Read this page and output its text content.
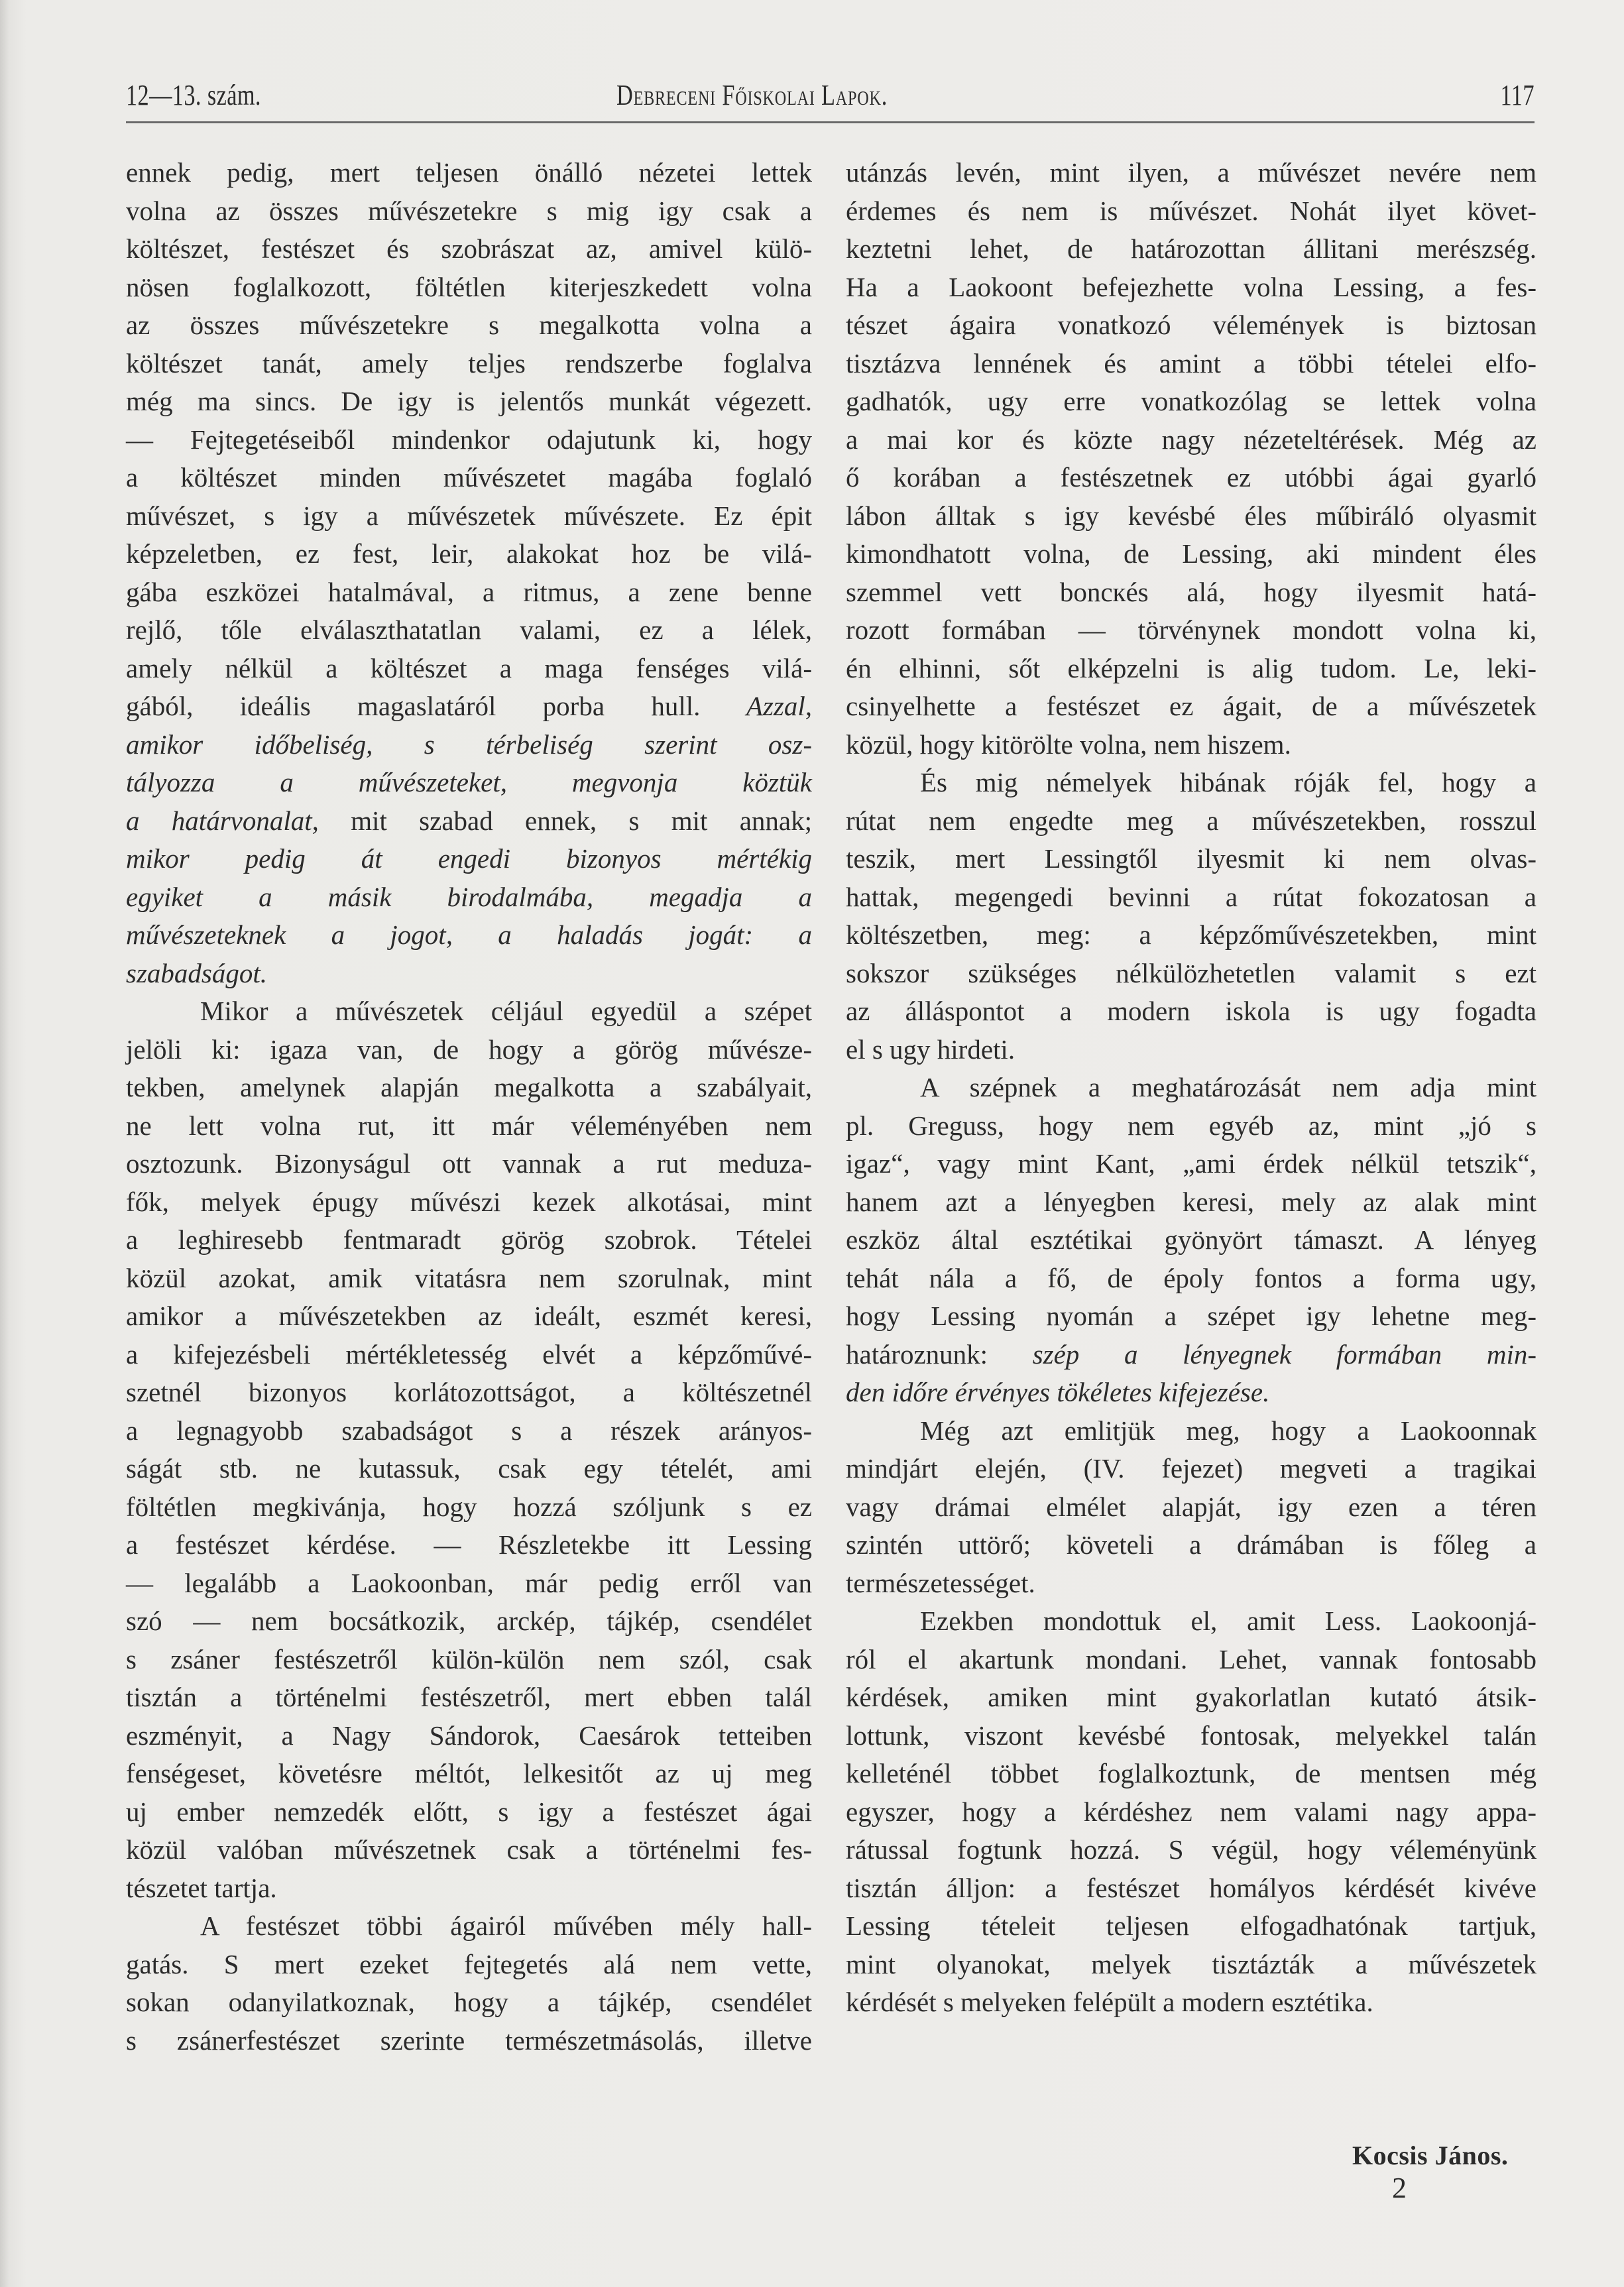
12—13. szám.	Debreceni Főiskolai Lapok.	117
ennek pedig, mert teljesen önálló nézetei lettek
volna az összes művészetekre s mig igy csak a
költészet, festészet és szobrászat az, amivel külö-
nösen foglalkozott, föltétlen kiterjeszkedett volna
az összes művészetekre s megalkotta volna a
költészet tanát, amely teljes rendszerbe foglalva
még ma sincs. De igy is jelentős munkát végezett.
— Fejtegetéseiből mindenkor odajutunk ki, hogy
a költészet minden művészetet magába foglaló
művészet, s igy a művészetek művészete. Ez épit
képzeletben, ez fest, leir, alakokat hoz be vilá-
gába eszközei hatalmával, a ritmus, a zene benne
rejlő, tőle elválaszthatatlan valami, ez a lélek,
amely nélkül a költészet a maga fenséges vilá-
gából, ideális magaslatáról porba hull. Azzal,
amikor időbeliség, s térbeliség szerint osz-
tályozza a művészeteket, megvonja köztük
a határvonalat, mit szabad ennek, s mit annak;
mikor pedig át engedi bizonyos mértékig
egyiket a másik birodalmába, megadja a
művészeteknek a jogot, a haladás jogát: a
szabadságot.
Mikor a művészetek céljául egyedül a szépet
jelöli ki: igaza van, de hogy a görög művésze-
tekben, amelynek alapján megalkotta a szabályait,
ne lett volna rut, itt már véleményében nem
osztozunk. Bizonyságul ott vannak a rut meduza-
fők, melyek épugy művészi kezek alkotásai, mint
a leghiresebb fentmaradt görög szobrok. Tételei
közül azokat, amik vitatásra nem szorulnak, mint
amikor a művészetekben az ideált, eszmét keresi,
a kifejezésbeli mértékletesség elvét a képzőművé-
szetnél bizonyos korlátozottságot, a költészetnél
a legnagyobb szabadságot s a részek arányos-
ságát stb. ne kutassuk, csak egy tételét, ami
föltétlen megkivánja, hogy hozzá szóljunk s ez
a festészet kérdése. — Részletekbe itt Lessing
— legalább a Laokoonban, már pedig erről van
szó — nem bocsátkozik, arckép, tájkép, csendélet
s zsáner festészetről külön-külön nem szól, csak
tisztán a történelmi festészetről, mert ebben talál
eszményit, a Nagy Sándorok, Caesárok tetteiben
fenségeset, követésre méltót, lelkesitőt az uj meg
uj ember nemzedék előtt, s igy a festészet ágai
közül valóban művészetnek csak a történelmi fes-
tészetet tartja.
A festészet többi ágairól művében mély hall-
gatás. S mert ezeket fejtegetés alá nem vette,
sokan odanyilatkoznak, hogy a tájkép, csendélet
s zsánerfestészet szerinte természetmásolás, illetve
utánzás levén, mint ilyen, a művészet nevére nem
érdemes és nem is művészet. Nohát ilyet követ-
keztetni lehet, de határozottan állitani merészség.
Ha a Laokoont befejezhette volna Lessing, a fes-
tészet ágaira vonatkozó vélemények is biztosan
tisztázva lennének és amint a többi tételei elfo-
gadhatók, ugy erre vonatkozólag se lettek volna
a mai kor és közte nagy nézeteltérések. Még az
ő korában a festészetnek ez utóbbi ágai gyarló
lábon álltak s igy kevésbé éles műbiráló olyasmit
kimondhatott volna, de Lessing, aki mindent éles
szemmel vett boncкés alá, hogy ilyesmit hatá-
rozott formában — törvénynek mondott volna ki,
én elhinni, sőt elképzelni is alig tudom. Le, leki-
csinyelhette a festészet ez ágait, de a művészetek
közül, hogy kitörölte volna, nem hiszem.
És mig némelyek hibának róják fel, hogy a
rútat nem engedte meg a művészetekben, rosszul
teszik, mert Lessingtől ilyesmit ki nem olvas-
hattak, megengedi bevinni a rútat fokozatosan a
költészetben, meg: a képzőművészetekben, mint
sokszor szükséges nélkülözhetetlen valamit s ezt
az álláspontot a modern iskola is ugy fogadta
el s ugy hirdeti.
A szépnek a meghatározását nem adja mint
pl. Greguss, hogy nem egyéb az, mint „jó s
igaz“, vagy mint Kant, „ami érdek nélkül tetszik“,
hanem azt a lényegben keresi, mely az alak mint
eszköz által esztétikai gyönyört támaszt. A lényeg
tehát nála a fő, de époly fontos a forma ugy,
hogy Lessing nyomán a szépet igy lehetne meg-
határoznunk: szép a lényegnek formában min-
den időre érvényes tökéletes kifejezése.
Még azt emlitjük meg, hogy a Laokoonnak
mindjárt elején, (IV. fejezet) megveti a tragikai
vagy drámai elmélet alapját, igy ezen a téren
szintén uttörő; követeli a drámában is főleg a
természetességet.
Ezekben mondottuk el, amit Less. Laokoonjá-
ról el akartunk mondani. Lehet, vannak fontosabb
kérdések, amiken mint gyakorlatlan kutató átsik-
lottunk, viszont kevésbé fontosak, melyekkel talán
kelleténél többet foglalkoztunk, de mentsen még
egyszer, hogy a kérdéshez nem valami nagy appa-
rátussal fogtunk hozzá. S végül, hogy véleményünk
tisztán álljon: a festészet homályos kérdését kivéve
Lessing tételeit teljesen elfogadhatónak tartjuk,
mint olyanokat, melyek tisztázták a művészetek
kérdését s melyeken felépült a modern esztétika.
Kocsis János.
2
